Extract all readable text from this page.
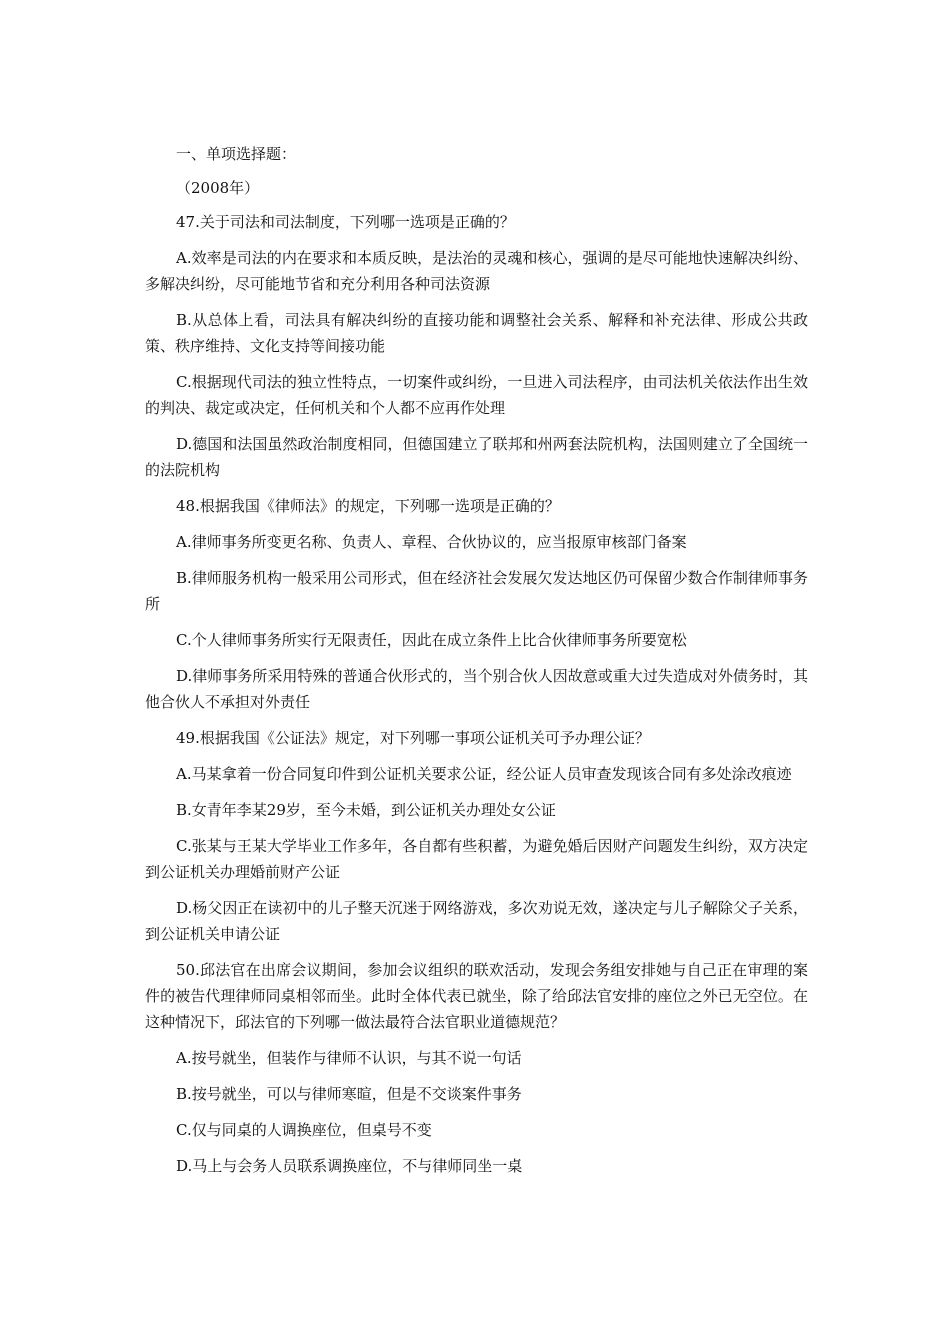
一、单项选择题：

（2008年）

47.关于司法和司法制度，下列哪一选项是正确的？

A.效率是司法的内在要求和本质反映，是法治的灵魂和核心，强调的是尽可能地快速解决纠纷、多解决纠纷，尽可能地节省和充分利用各种司法资源

B.从总体上看，司法具有解决纠纷的直接功能和调整社会关系、解释和补充法律、形成公共政策、秩序维持、文化支持等间接功能

C.根据现代司法的独立性特点，一切案件或纠纷，一旦进入司法程序，由司法机关依法作出生效的判决、裁定或决定，任何机关和个人都不应再作处理

D.德国和法国虽然政治制度相同，但德国建立了联邦和州两套法院机构，法国则建立了全国统一的法院机构

48.根据我国《律师法》的规定，下列哪一选项是正确的？

A.律师事务所变更名称、负责人、章程、合伙协议的，应当报原审核部门备案

B.律师服务机构一般采用公司形式，但在经济社会发展欠发达地区仍可保留少数合作制律师事务所

C.个人律师事务所实行无限责任，因此在成立条件上比合伙律师事务所要宽松

D.律师事务所采用特殊的普通合伙形式的，当个别合伙人因故意或重大过失造成对外债务时，其他合伙人不承担对外责任

49.根据我国《公证法》规定，对下列哪一事项公证机关可予办理公证？

A.马某拿着一份合同复印件到公证机关要求公证，经公证人员审查发现该合同有多处涂改痕迹

B.女青年李某29岁，至今未婚，到公证机关办理处女公证

C.张某与王某大学毕业工作多年，各自都有些积蓄，为避免婚后因财产问题发生纠纷，双方决定到公证机关办理婚前财产公证

D.杨父因正在读初中的儿子整天沉迷于网络游戏，多次劝说无效，遂决定与儿子解除父子关系，到公证机关申请公证

50.邱法官在出席会议期间，参加会议组织的联欢活动，发现会务组安排她与自己正在审理的案件的被告代理律师同桌相邻而坐。此时全体代表已就坐，除了给邱法官安排的座位之外已无空位。在这种情况下，邱法官的下列哪一做法最符合法官职业道德规范？

A.按号就坐，但装作与律师不认识，与其不说一句话

B.按号就坐，可以与律师寒暄，但是不交谈案件事务

C.仅与同桌的人调换座位，但桌号不变

D.马上与会务人员联系调换座位，不与律师同坐一桌
